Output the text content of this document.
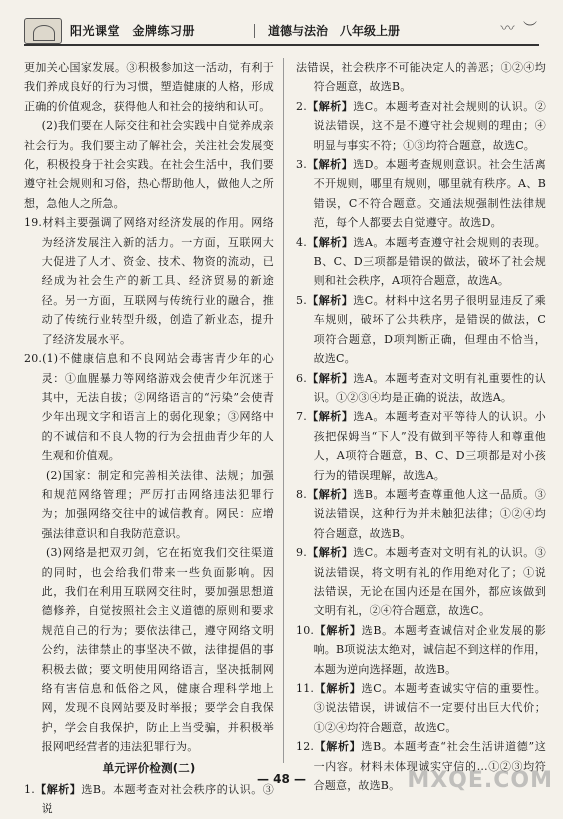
阳光课堂　金牌练习册	道德与法治　八年级上册	〰 ︶

更加关心国家发展。③积极参加这一活动，有利于我们养成良好的行为习惯，塑造健康的人格，形成正确的价值观念，获得他人和社会的接纳和认可。

(2)我们要在人际交往和社会实践中自觉养成亲社会行为。我们要主动了解社会，关注社会发展变化，积极投身于社会实践。在社会生活中，我们要遵守社会规则和习俗，热心帮助他人，做他人之所想，急他人之所急。

19.材料主要强调了网络对经济发展的作用。网络为经济发展注入新的活力。一方面，互联网大大促进了人才、资金、技术、物资的流动，已经成为社会生产的新工具、经济贸易的新途径。另一方面，互联网与传统行业的融合，推动了传统行业转型升级，创造了新业态，提升了经济发展水平。

20.(1)不健康信息和不良网站会毒害青少年的心灵：①血腥暴力等网络游戏会使青少年沉迷于其中，无法自拔；②网络语言的“污染”会使青少年出现文字和语言上的弱化现象；③网络中的不诚信和不良人物的行为会扭曲青少年的人生观和价值观。

(2)国家：制定和完善相关法律、法规；加强和规范网络管理；严厉打击网络违法犯罪行为；加强网络交往中的诚信教育。网民：应增强法律意识和自我防范意识。

(3)网络是把双刃剑，它在拓宽我们交往渠道的同时，也会给我们带来一些负面影响。因此，我们在利用互联网交往时，要加强思想道德修养，自觉按照社会主义道德的原则和要求规范自己的行为；要依法律己，遵守网络文明公约，法律禁止的事坚决不做，法律提倡的事积极去做；要文明使用网络语言，坚决抵制网络有害信息和低俗之风，健康合理科学地上网，发现不良网站要及时举报；要学会自我保护，学会自我保护，防止上当受骗，并积极举报网吧经营者的违法犯罪行为。

单元评价检测(二)

1.【解析】选B。本题考查对社会秩序的认识。③说

法错误，社会秩序不可能决定人的善恶；①②④均符合题意，故选B。

2.【解析】选C。本题考查对社会规则的认识。②说法错误，这不是不遵守社会规则的理由；④明显与事实不符；①③均符合题意，故选C。

3.【解析】选D。本题考查规则意识。社会生活离不开规则，哪里有规则，哪里就有秩序。A、B错误，C不符合题意。交通法规强制性法律规范，每个人都要去自觉遵守。故选D。

4.【解析】选A。本题考查遵守社会规则的表现。B、C、D三项都是错误的做法，破坏了社会规则和社会秩序，A项符合题意，故选A。

5.【解析】选C。材料中这名男子很明显违反了乘车规则，破坏了公共秩序，是错误的做法，C项符合题意，D项判断正确，但理由不恰当，故选C。

6.【解析】选A。本题考查对文明有礼重要性的认识。①②③④均是正确的说法，故选A。

7.【解析】选A。本题考查对平等待人的认识。小孩把保姆当“下人”没有做到平等待人和尊重他人，A项符合题意，B、C、D三项都是对小孩行为的错误理解，故选A。

8.【解析】选B。本题考查尊重他人这一品质。③说法错误，这种行为并未触犯法律；①②④均符合题意，故选B。

9.【解析】选C。本题考查对文明有礼的认识。③说法错误，将文明有礼的作用绝对化了；①说法错误，无论在国内还是在国外，都应该做到文明有礼，②④符合题意，故选C。

10.【解析】选B。本题考查诚信对企业发展的影响。B项说法太绝对，诚信起不到这样的作用，本题为逆向选择题，故选B。

11.【解析】选C。本题考查诚实守信的重要性。③说法错误，讲诚信不一定要付出巨大代价；①②④均符合题意，故选C。

12.【解析】选B。本题考查“社会生活讲道德”这一内容。材料未体现诚实守信的…①②③均符合题意，故选B。

— 48 —	MXQE.COM
